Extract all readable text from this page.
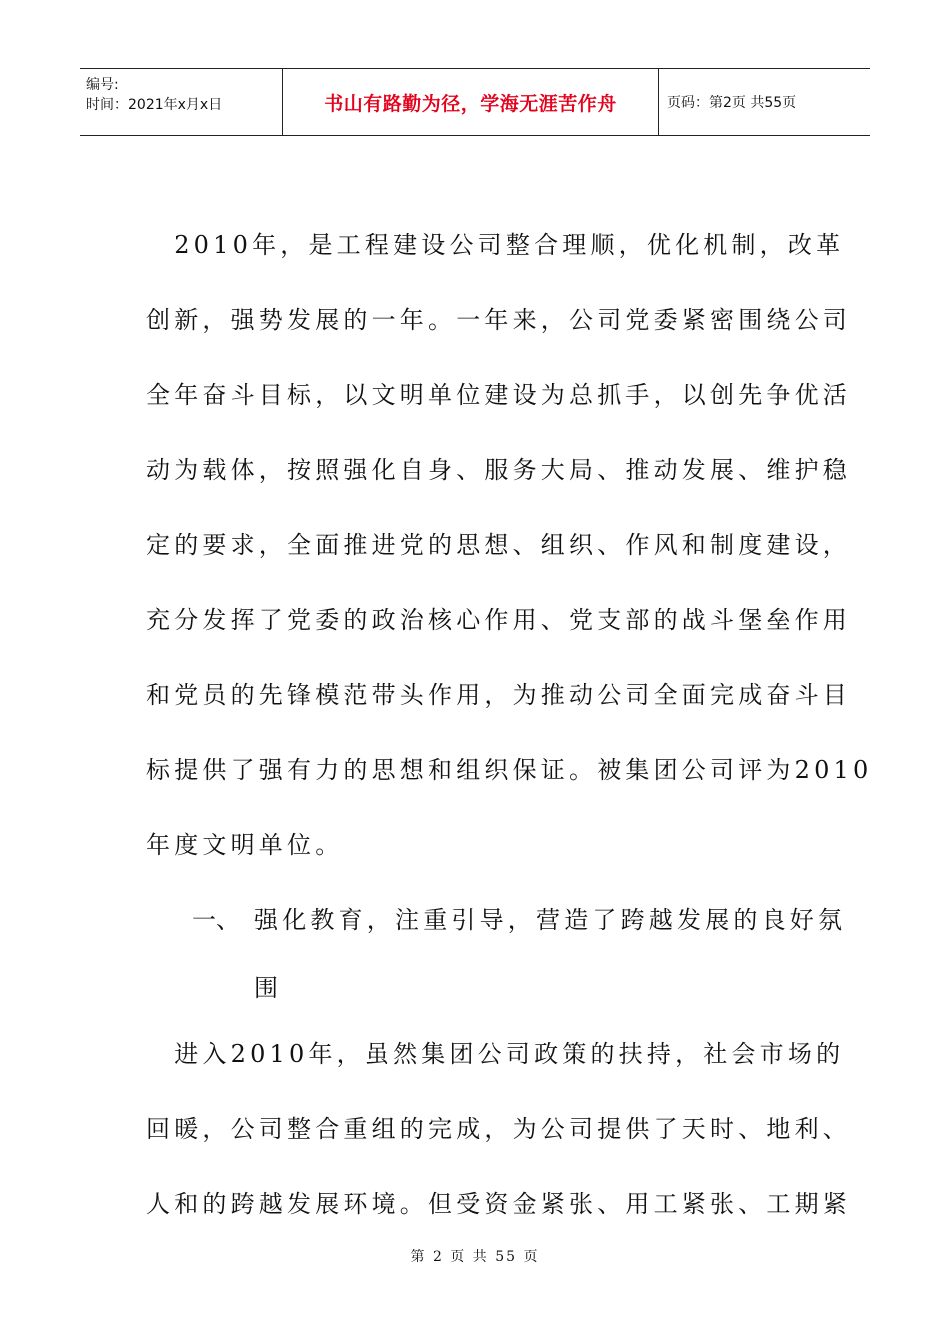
编号:
时间：2021年x月x日	书山有路勤为径，学海无涯苦作舟	页码：第2页 共55页
　2010年，是工程建设公司整合理顺，优化机制，改革
创新，强势发展的一年。一年来，公司党委紧密围绕公司
全年奋斗目标，以文明单位建设为总抓手，以创先争优活
动为载体，按照强化自身、服务大局、推动发展、维护稳
定的要求，全面推进党的思想、组织、作风和制度建设，
充分发挥了党委的政治核心作用、党支部的战斗堡垒作用
和党员的先锋模范带头作用，为推动公司全面完成奋斗目
标提供了强有力的思想和组织保证。被集团公司评为2010
年度文明单位。
一、 强化教育，注重引导，营造了跨越发展的良好氛
围
　进入2010年，虽然集团公司政策的扶持，社会市场的
回暖，公司整合重组的完成，为公司提供了天时、地利、
人和的跨越发展环境。但受资金紧张、用工紧张、工期紧
第 2 页 共 55 页
